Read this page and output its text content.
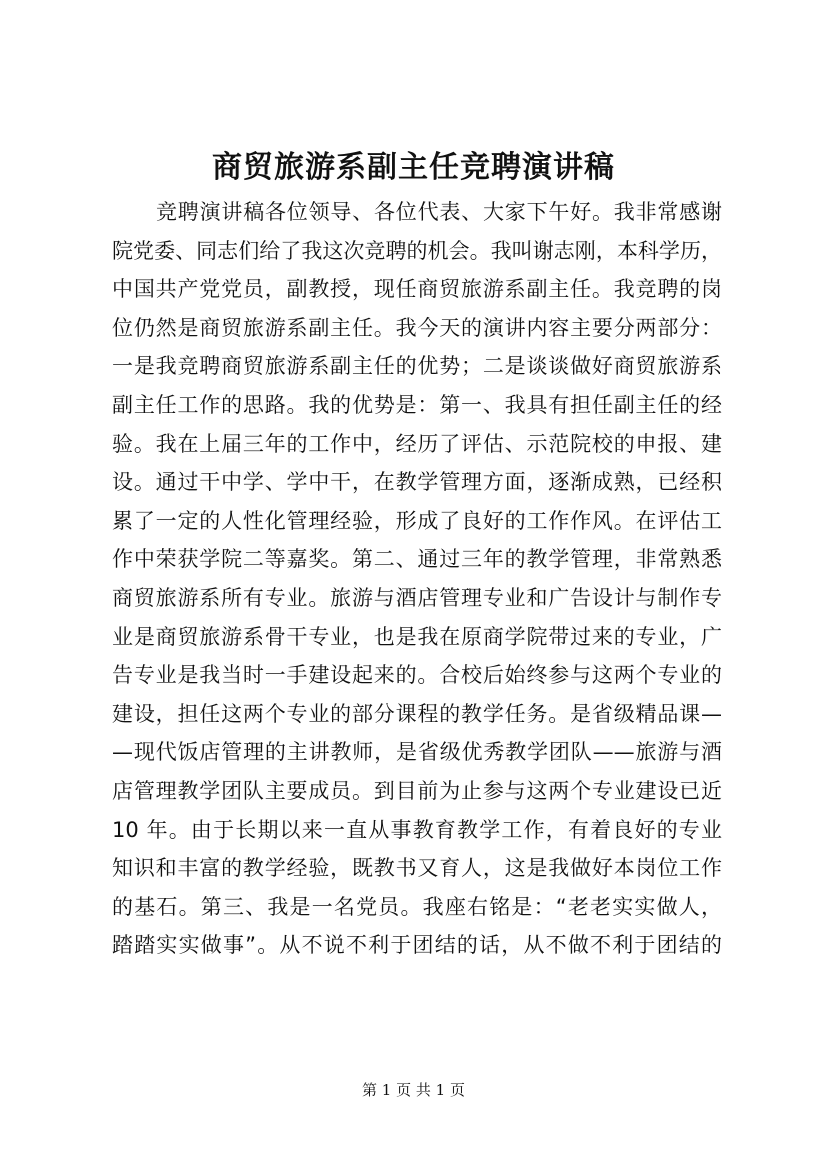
商贸旅游系副主任竞聘演讲稿
竞聘演讲稿各位领导、各位代表、大家下午好。我非常感谢
院党委、同志们给了我这次竞聘的机会。我叫谢志刚，本科学历，
中国共产党党员，副教授，现任商贸旅游系副主任。我竞聘的岗
位仍然是商贸旅游系副主任。我今天的演讲内容主要分两部分：
一是我竞聘商贸旅游系副主任的优势；二是谈谈做好商贸旅游系
副主任工作的思路。我的优势是：第一、我具有担任副主任的经
验。我在上届三年的工作中，经历了评估、示范院校的申报、建
设。通过干中学、学中干，在教学管理方面，逐渐成熟，已经积
累了一定的人性化管理经验，形成了良好的工作作风。在评估工
作中荣获学院二等嘉奖。第二、通过三年的教学管理，非常熟悉
商贸旅游系所有专业。旅游与酒店管理专业和广告设计与制作专
业是商贸旅游系骨干专业，也是我在原商学院带过来的专业，广
告专业是我当时一手建设起来的。合校后始终参与这两个专业的
建设，担任这两个专业的部分课程的教学任务。是省级精品课—
—现代饭店管理的主讲教师，是省级优秀教学团队——旅游与酒
店管理教学团队主要成员。到目前为止参与这两个专业建设已近
10 年。由于长期以来一直从事教育教学工作，有着良好的专业
知识和丰富的教学经验，既教书又育人，这是我做好本岗位工作
的基石。第三、我是一名党员。我座右铭是：“老老实实做人，
踏踏实实做事”。从不说不利于团结的话，从不做不利于团结的
第 1 页 共 1 页
